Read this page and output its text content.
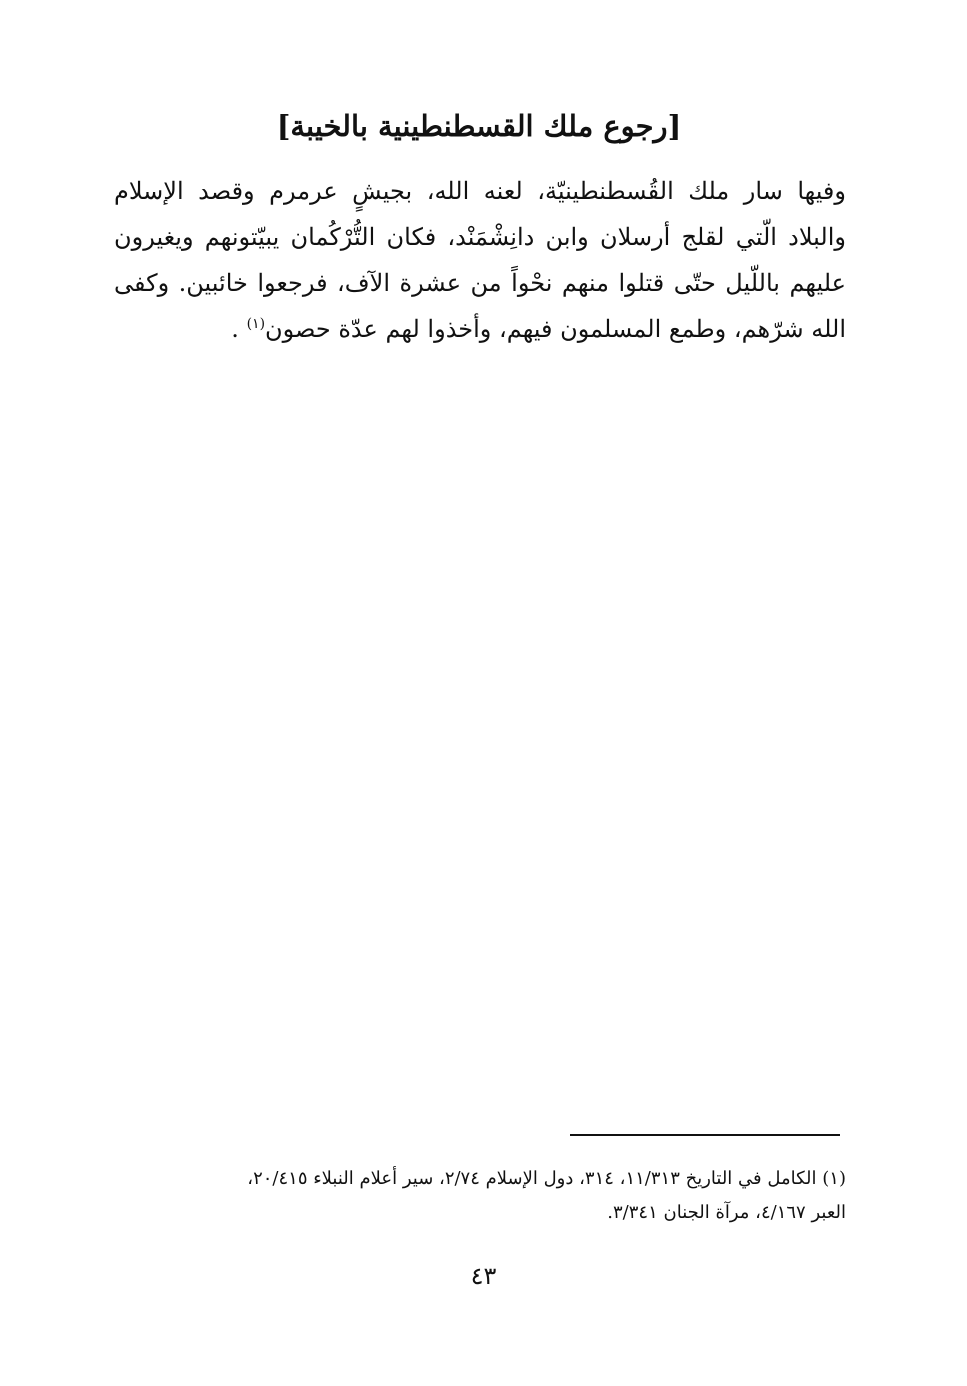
[رجوع ملك القسطنطينية بالخيبة]
وفيها سار ملك القُسطنطينيّة، لعنه الله، بجيشٍ عرمرم وقصد الإسلام
والبلاد الّتي لقلج أرسلان وابن دانِشْمَنْد، فكان التُّرْكُمان يبيّتونهم ويغيرون
عليهم باللّيل حتّى قتلوا منهم نحْواً من عشرة الآف، فرجعوا خائبين. وكفى
الله شرّهم، وطمع المسلمون فيهم، وأخذوا لهم عدّة حصون$^{(١)}$ .
(١) الكامل في التاريخ ١١/٣١٣، ٣١٤، دول الإسلام ٢/٧٤، سير أعلام النبلاء ٢٠/٤١٥،
العبر ٤/١٦٧، مرآة الجنان ٣/٣٤١.
٤٣
